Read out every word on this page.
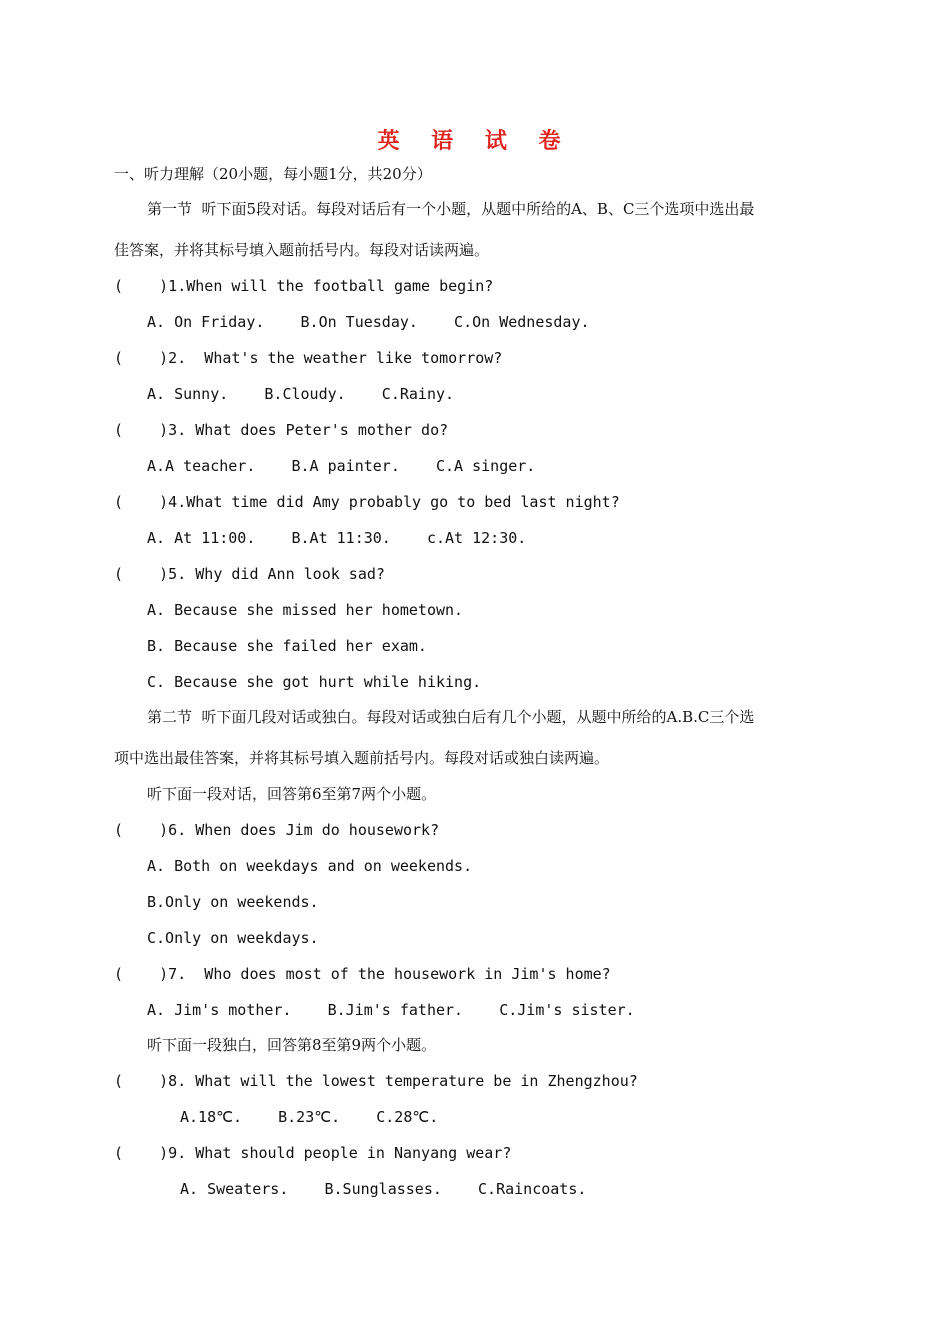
英 语 试 卷
一、听力理解（20小题，每小题1分，共20分）
第一节  听下面5段对话。每段对话后有一个小题，从题中所给的A、B、C三个选项中选出最
佳答案，并将其标号填入题前括号内。每段对话读两遍。
(    )1.When will the football game begin?
A. On Friday.    B.On Tuesday.    C.On Wednesday.
(    )2.  What's the weather like tomorrow?
A. Sunny.    B.Cloudy.    C.Rainy.
(    )3. What does Peter's mother do?
A.A teacher.    B.A painter.    C.A singer.
(    )4.What time did Amy probably go to bed last night?
A. At 11:00.    B.At 11:30.    c.At 12:30.
(    )5. Why did Ann look sad?
A. Because she missed her hometown.
B. Because she failed her exam.
C. Because she got hurt while hiking.
第二节  听下面几段对话或独白。每段对话或独白后有几个小题，从题中所给的A.B.C三个选
项中选出最佳答案，并将其标号填入题前括号内。每段对话或独白读两遍。
听下面一段对话，回答第6至第7两个小题。
(    )6. When does Jim do housework?
A. Both on weekdays and on weekends.
B.Only on weekends.
C.Only on weekdays.
(    )7.  Who does most of the housework in Jim's home?
A. Jim's mother.    B.Jim's father.    C.Jim's sister.
听下面一段独白，回答第8至第9两个小题。
(    )8. What will the lowest temperature be in Zhengzhou?
A.18℃.    B.23℃.    C.28℃.
(    )9. What should people in Nanyang wear?
A. Sweaters.    B.Sunglasses.    C.Raincoats.
